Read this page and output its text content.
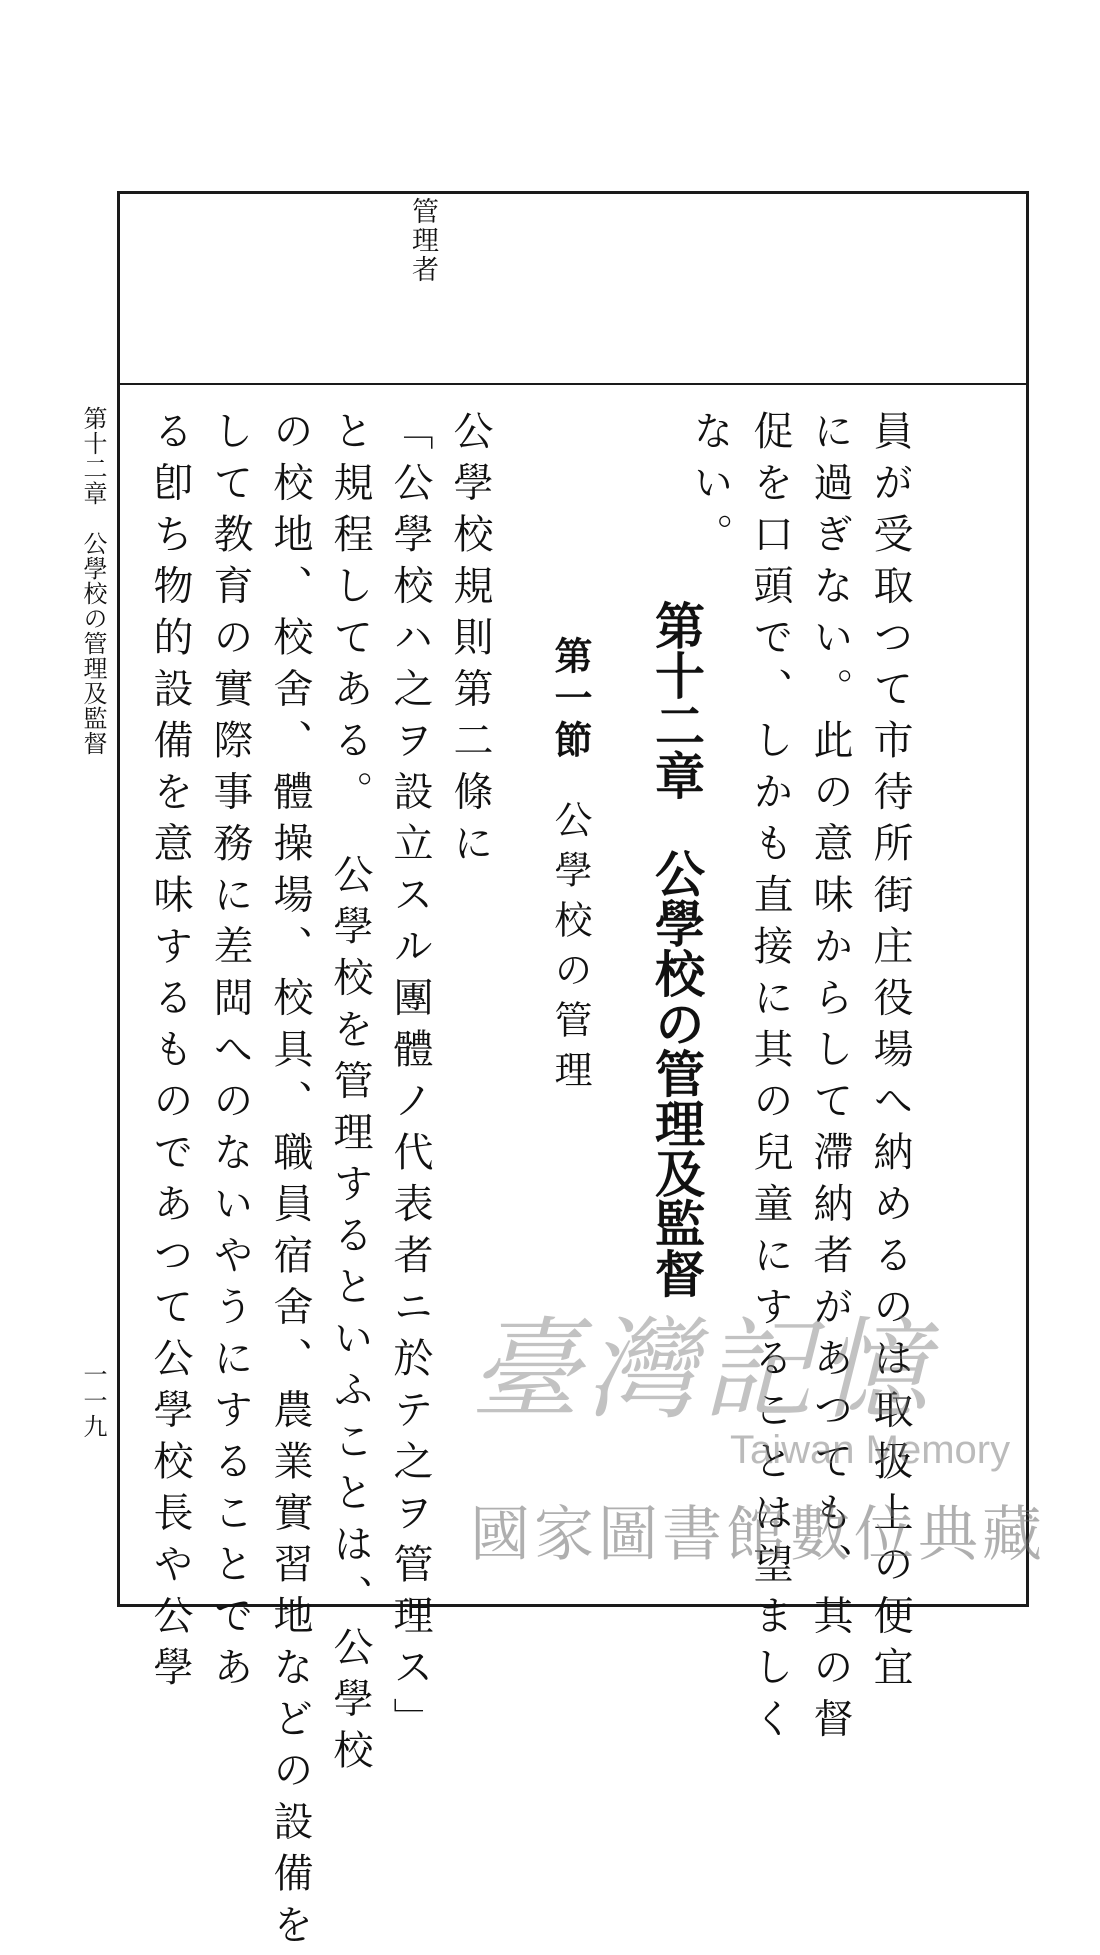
管理者
第十二章　公學校の管理及監督
一一九	員が受取つて市待所街庄役場へ納めるのは取扱上の便宜
に過ぎない。此の意味からして滯納者があつても、其の督
促を口頭で、しかも直接に其の兒童にすることは望ましく
ない。
第十二章公學校の管理及監督
第一節公學校の管理
公學校規則第二條に
「公學校ハ之ヲ設立スル團體ノ代表者ニ於テ之ヲ管理ス」
と規程してある。　公學校を管理するといふことは、公學校
の校地、校舍、體操場、校具、職員宿舍、農業實習地などの設備を
して教育の實際事務に差閊へのないやうにすることであ
る卽ち物的設備を意味するものであつて公學校長や公學	臺灣記憶
Taiwan Memory
國家圖書館數位典藏
